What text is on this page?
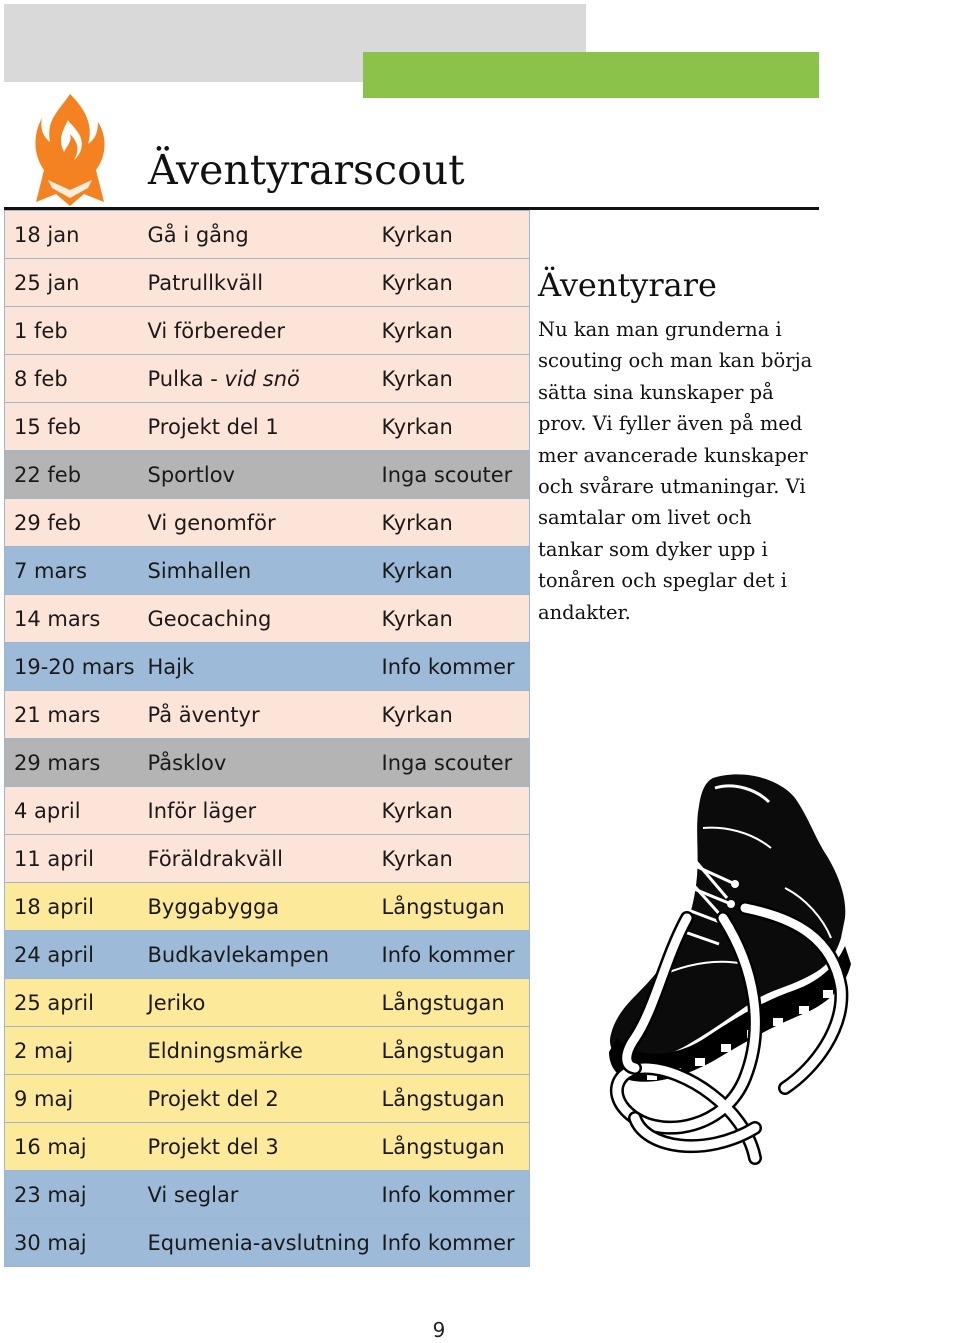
Äventyrarscout
18 jan	Gå i gång	Kyrkan
25 jan	Patrullkväll	Kyrkan
1 feb	Vi förbereder	Kyrkan
8 feb	Pulka - vid snö	Kyrkan
15 feb	Projekt del 1	Kyrkan
22 feb	Sportlov	Inga scouter
29 feb	Vi genomför	Kyrkan
7 mars	Simhallen	Kyrkan
14 mars	Geocaching	Kyrkan
19-20 mars	Hajk	Info kommer
21 mars	På äventyr	Kyrkan
29 mars	Påsklov	Inga scouter
4 april	Inför läger	Kyrkan
11 april	Föräldrakväll	Kyrkan
18 april	Byggabygga	Långstugan
24 april	Budkavlekampen	Info kommer
25 april	Jeriko	Långstugan
2 maj	Eldningsmärke	Långstugan
9 maj	Projekt del 2	Långstugan
16 maj	Projekt del 3	Långstugan
23 maj	Vi seglar	Info kommer
30 maj	Equmenia-avslutning	Info kommer
Äventyrare
Nu kan man grunderna i scouting och man kan börja sätta sina kunskaper på prov. Vi fyller även på med mer avancerade kunskaper och svårare utmaningar. Vi samtalar om livet och tankar som dyker upp i tonåren och speglar det i andakter.
9
